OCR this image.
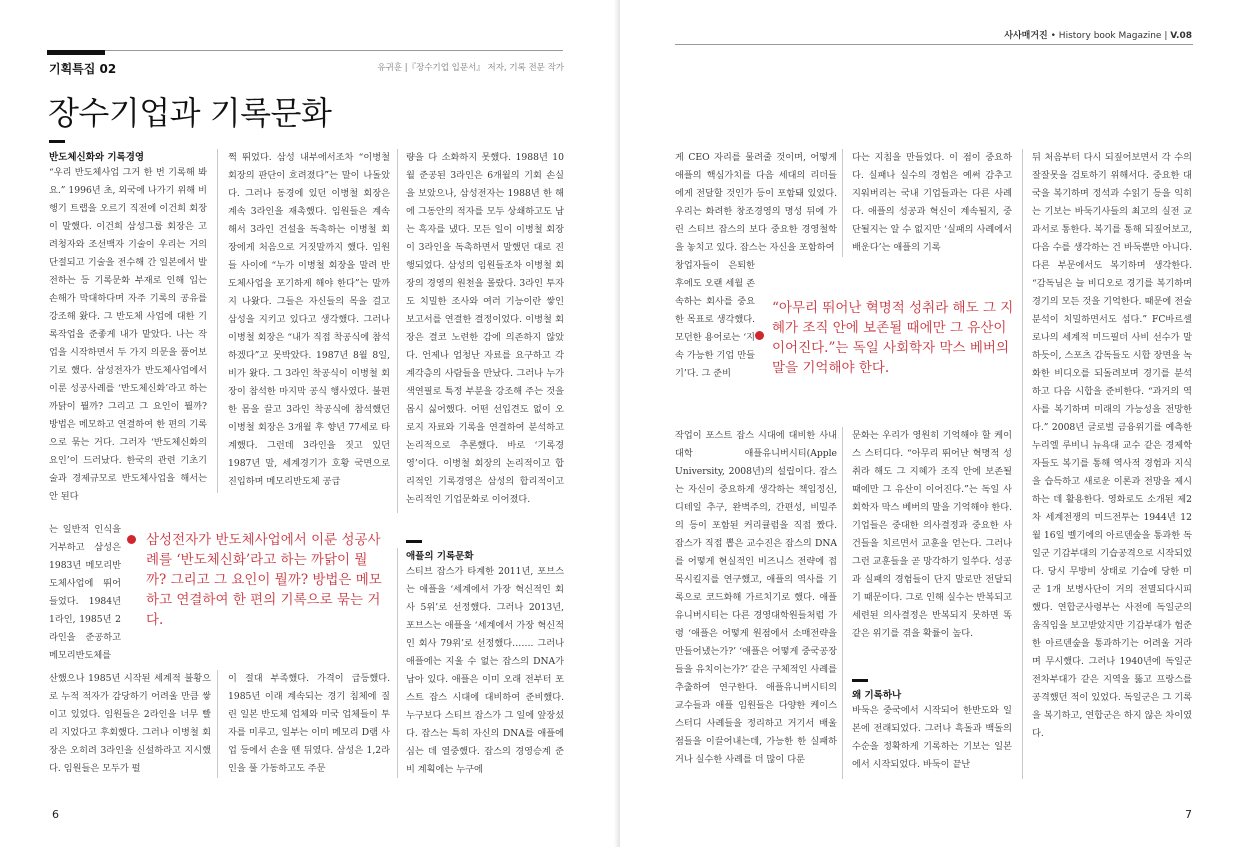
기획특집 02	유귀훈 |『장수기업 입문서』 저자, 기록 전문 작가
장수기업과 기록문화
반도체신화와 기록경영

“우리 반도체사업 그거 한 번 기록해 봐요.” 1996년 초, 외국에 나가기 위해 비행기 트랩을 오르기 직전에 이건희 회장이 말했다. 이건희 삼성그룹 회장은 고려청자와 조선백자 기술이 우리는 거의 단절되고 기술을 전수해 간 일본에서 발전하는 등 기록문화 부재로 인해 입는 손해가 막대하다며 자주 기록의 공유를 강조해 왔다. 그 반도체 사업에 대한 기록작업을 준좋게 내가 맡았다. 나는 작업을 시작하면서 두 가지 의문을 품어보기로 했다. 삼성전자가 반도체사업에서 이룬 성공사례를 ‘반도체신화’라고 하는 까닭이 뭘까? 그리고 그 요인이 뭘까? 방법은 메모하고 연결하여 한 편의 기록으로 묶는 거다. 그러자 ‘반도체신화의 요인’이 드러났다. 한국의 관련 기초기술과 경제규모로 반도체사업을 해서는 안 된다

는 일반적 인식을 거부하고 삼성은 1983년 메모리반도체사업에 뛰어들었다. 1984년 1라인, 1985년 2라인을 준공하고 메모리반도체를

쩍 뛰었다. 삼성 내부에서조차 “이병철 회장의 판단이 흐려졌다”는 말이 나돌았다. 그러나 동경에 있던 이병철 회장은 계속 3라인을 재촉했다. 임원들은 계속해서 3라인 건설을 독촉하는 이병철 회장에게 처음으로 거짓말까지 했다. 임원들 사이에 “누가 이병철 회장을 말려 반도체사업을 포기하게 해야 한다”는 말까지 나왔다. 그들은 자신들의 목을 걸고 삼성을 지키고 있다고 생각했다. 그러나 이병철 회장은 “내가 직접 착공식에 참석하겠다”고 못박았다. 1987년 8월 8일, 비가 왔다. 그 3라인 착공식이 이병철 회장이 참석한 마지막 공식 행사였다. 불편한 몸을 끌고 3라인 착공식에 참석했던 이병철 회장은 3개월 후 향년 77세로 타계했다. 그런데 3라인을 짓고 있던 1987년 말, 세계경기가 호황 국면으로 진입하며 메모리반도체 공급

량을 다 소화하지 못했다. 1988년 10월 준공된 3라인은 6개월의 기회 손실을 보았으나, 삼성전자는 1988년 한 해에 그동안의 적자를 모두 상쇄하고도 남는 흑자를 냈다. 모든 일이 이병철 회장이 3라인을 독촉하면서 말했던 대로 진행되었다. 삼성의 임원들조차 이병철 회장의 경영의 원천을 몰랐다. 3라인 투자도 치밀한 조사와 여러 기능이란 쌓인 보고서를 연결한 결정이었다. 이병철 회장은 결코 노련한 감에 의존하지 않았다. 언제나 엄청난 자료를 요구하고 각계각층의 사람들을 만났다. 그러나 누가 색연필로 특정 부분을 강조해 주는 것을 몹시 싫어했다. 어떤 선입견도 없이 오로지 자료와 기록을 연결하여 분석하고 논리적으로 추론했다. 바로 ‘기록경영’이다. 이병철 회장의 논리적이고 합리적인 기록경영은 삼성의 합리적이고 논리적인 기업문화로 이어졌다.

삼성전자가 반도체사업에서 이룬 성공사례를 ‘반도체신화’라고 하는 까닭이 뭘까? 그리고 그 요인이 뭘까? 방법은 메모하고 연결하여 한 편의 기록으로 묶는 거다.
애플의 기록문화

스티브 잡스가 타계한 2011년, 포브스는 애플을 ‘세계에서 가장 혁신적인 회사 5위’로 선정했다. 그러나 2013년, 포브스는 애플을 ‘세계에서 가장 혁신적인 회사 79위’로 선정했다……. 그러나 애플에는 지울 수 없는 잡스의 DNA가 남아 있다. 애플은 이미 오래 전부터 포스트 잡스 시대에 대비하여 준비했다. 누구보다 스티브 잡스가 그 일에 앞장섰다. 잡스는 특히 자신의 DNA를 애플에 심는 데 열중했다. 잡스의 경영승계 준비 계획에는 누구에

산했으나 1985년 시작된 세계적 불황으로 누적 적자가 감당하기 어려울 만큼 쌓이고 있었다. 임원들은 2라인을 너무 빨리 지었다고 후회했다. 그러나 이병철 회장은 오히려 3라인을 신설하라고 지시했다. 임원들은 모두가 펄

이 절대 부족했다. 가격이 급등했다. 1985년 이래 계속되는 경기 침체에 질린 일본 반도체 업체와 미국 업체들이 투자를 미루고, 일부는 이미 메모리 D램 사업 등에서 손을 뗀 뒤였다. 삼성은 1,2라인을 풀 가동하고도 주문

6
사사매거진 • History book Magazine | V.08

게 CEO 자리를 물려줄 것이며, 어떻게 애플의 핵심가치를 다음 세대의 리더들에게 전달할 것인가 등이 포함돼 있었다. 우리는 화려한 창조경영의 명성 뒤에 가린 스티브 잡스의 보다 중요한 경영철학을 놓치고 있다. 잡스는 자신을 포함하여

창업자들이 은퇴한 후에도 오랜 세월 존속하는 회사를 중요한 목표로 생각했다. 모던한 용어로는 ‘지속 가능한 기업 만들기’다. 그 준비

다는 지침을 만들었다. 이 점이 중요하다. 실패나 실수의 경험은 예써 감추고 지워버리는 국내 기업들과는 다른 사례다. 애플의 성공과 혁신이 계속될지, 중단될지는 알 수 없지만 ‘실패의 사례에서 배운다’는 애플의 기록

“아무리 뛰어난 혁명적 성취라 해도 그 지혜가 조직 안에 보존될 때에만 그 유산이 이어진다.”는 독일 사회학자 막스 베버의 말을 기억해야 한다.

작업이 포스트 잡스 시대에 대비한 사내대학 애플유니버시티(Apple University, 2008년)의 설립이다. 잡스는 자신이 중요하게 생각하는 책임정신, 디테일 추구, 완벽주의, 간편성, 비밀주의 등이 포함된 커리큘럼을 직접 짰다. 잡스가 직접 뽑은 교수진은 잡스의 DNA를 어떻게 현실적인 비즈니스 전략에 접목시킬지를 연구했고, 애플의 역사를 기록으로 코드화해 가르치기로 했다. 애플유니버시티는 다른 경영대학원들처럼 가령 ‘애플은 어떻게 원점에서 소매전략을 만들어냈는가?’ ‘애플은 어떻게 중국공장들을 유치이는가?’ 같은 구체적인 사례를 추출하여 연구한다. 애플유니버시티의 교수들과 애플 임원들은 다양한 케이스 스터디 사례들을 정리하고 거기서 배울 점들을 이끌어내는데, 가능한 한 실패하거나 실수한 사례를 더 많이 다룬

문화는 우리가 영원히 기억해야 할 케이스 스터디다. “아무리 뛰어난 혁명적 성취라 해도 그 지혜가 조직 안에 보존될 때에만 그 유산이 이어진다.”는 독일 사회학자 막스 베버의 말을 기억해야 한다. 기업들은 중대한 의사결정과 중요한 사건들을 치르면서 교훈을 얻는다. 그러나 그런 교훈들을 곧 망각하기 일쑤다. 성공과 실패의 경험들이 단지 말로만 전달되기 때문이다. 그로 인해 실수는 반복되고 세련된 의사결정은 반복되지 못하면 똑같은 위기를 겪을 확률이 높다.

왜 기록하나

바둑은 중국에서 시작되어 한반도와 일본에 전래되었다. 그러나 흑돌과 백돌의 수순을 정확하게 기록하는 기보는 일본에서 시작되었다. 바둑이 끝난

뒤 처음부터 다시 되짚어보면서 각 수의 잘잘못을 검토하기 위해서다. 중요한 대국을 복기하며 정석과 수읽기 등을 익히는 기보는 바둑기사들의 최고의 실전 교과서로 통한다. 복기를 통해 되짚어보고, 다음 수를 생각하는 건 바둑뿐만 아니다. 다른 부문에서도 복기하며 생각한다. “감독님은 늘 비디오로 경기를 복기하며 경기의 모든 것을 기억한다. 때문에 전술 분석이 치밀하면서도 섬다.” FC바르셀로나의 세계적 미드필더 사비 선수가 말하듯이, 스포츠 감독들도 시합 장면을 녹화한 비디오를 되돌려보며 경기를 분석하고 다음 시합을 준비한다. “과거의 역사를 복기하며 미래의 가능성을 전망한다.” 2008년 글로벌 금융위기를 예측한 누리엘 루비니 뉴욕대 교수 같은 경제학자들도 복기를 통해 역사적 경험과 지식을 습득하고 새로운 이론과 전망을 제시하는 데 활용한다. 영화로도 소개된 제2차 세계전쟁의 미드전투는 1944년 12월 16일 벨기에의 아르덴숲을 통과한 독일군 기갑부대의 기습공격으로 시작되었다. 당시 무방비 상태로 기습에 당한 미군 1개 보병사단이 거의 전멸되다시피 했다. 연합군사령부는 사전에 독일군의 움직임을 보고받았지만 기갑부대가 험준한 아르덴숲을 통과하기는 어려울 거라며 무시했다. 그러나 1940년에 독일군 전차부대가 같은 지역을 뚫고 프랑스를 공격했던 적이 있었다. 독일군은 그 기록을 복기하고, 연합군은 하지 않은 차이였다.

7
